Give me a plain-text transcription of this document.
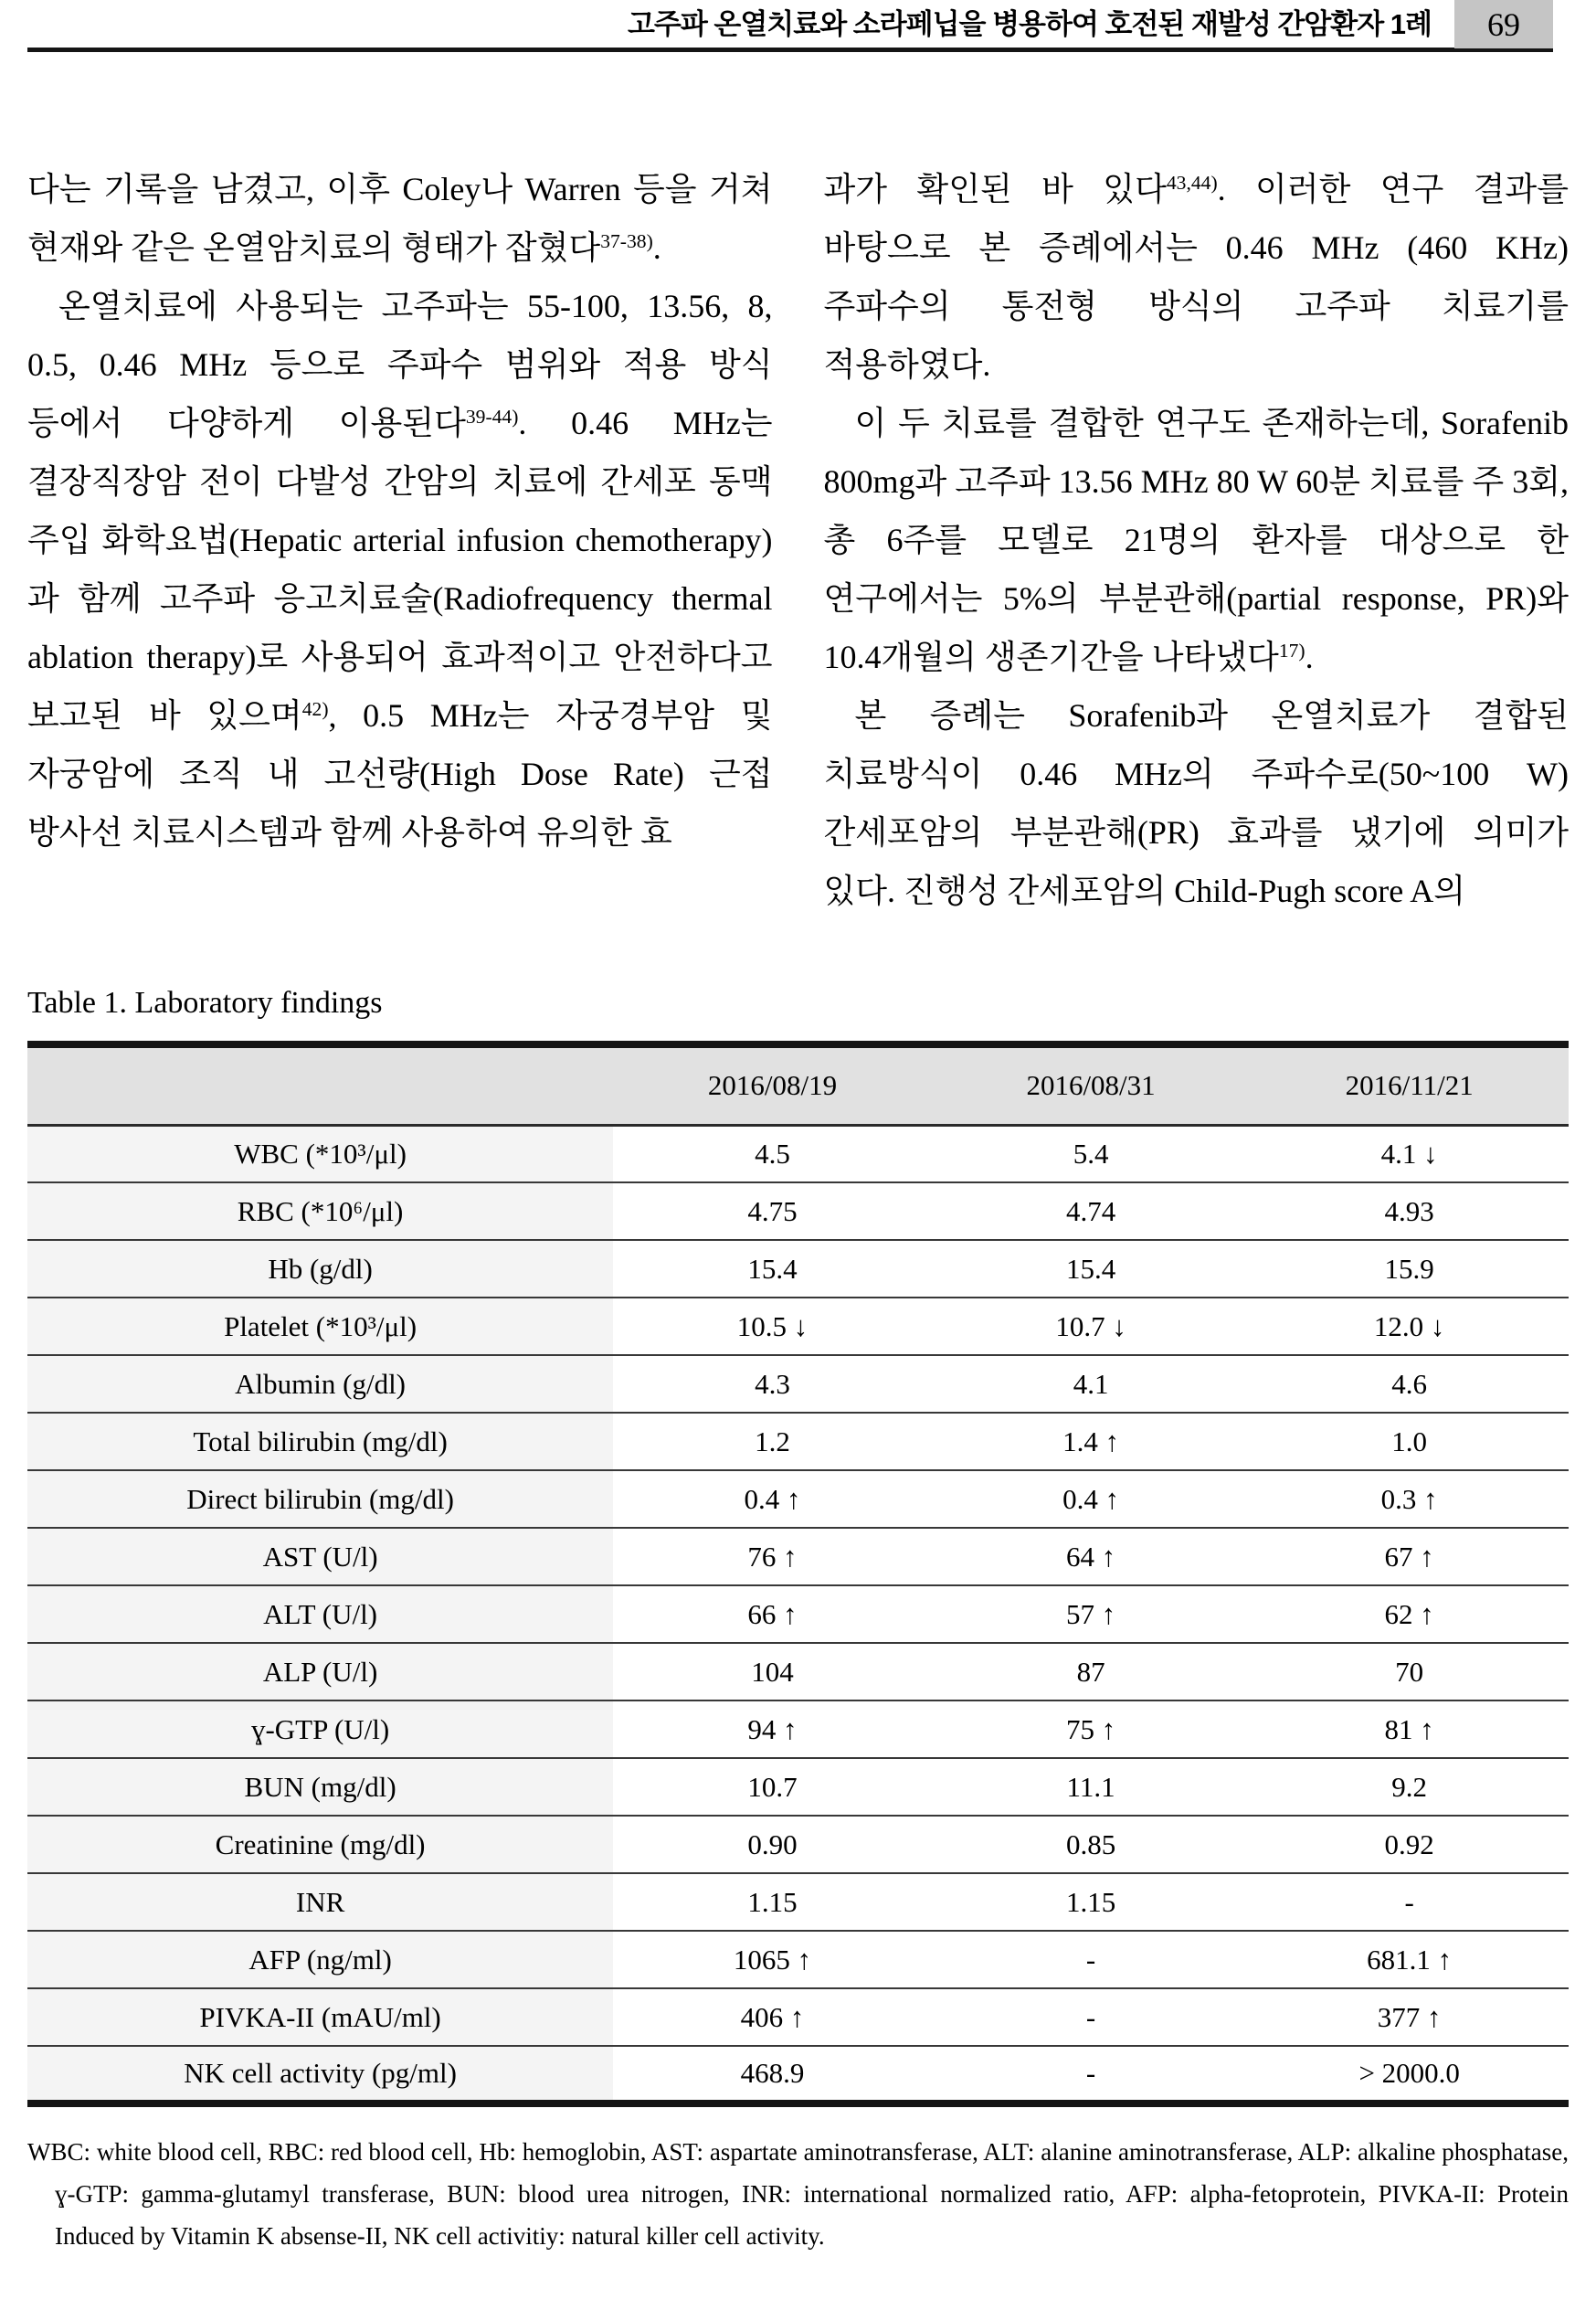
고주파 온열치료와 소라페닙을 병용하여 호전된 재발성 간암환자 1례 69

다는 기록을 남겼고, 이후 Coley나 Warren 등을 거쳐 현재와 같은 온열암치료의 형태가 잡혔다$^{37-38)}$.

온열치료에 사용되는 고주파는 55-100, 13.56, 8, 0.5, 0.46 MHz 등으로 주파수 범위와 적용 방식 등에서 다양하게 이용된다$^{39-44)}$. 0.46 MHz는 결장직장암 전이 다발성 간암의 치료에 간세포 동맥 주입 화학요법(Hepatic arterial infusion chemotherapy)과 함께 고주파 응고치료술(Radiofrequency thermal ablation therapy)로 사용되어 효과적이고 안전하다고 보고된 바 있으며$^{42)}$, 0.5 MHz는 자궁경부암 및 자궁암에 조직 내 고선량(High Dose Rate) 근접 방사선 치료시스템과 함께 사용하여 유의한 효

과가 확인된 바 있다$^{43,44)}$. 이러한 연구 결과를 바탕으로 본 증례에서는 0.46 MHz (460 KHz) 주파수의 통전형 방식의 고주파 치료기를 적용하였다.

이 두 치료를 결합한 연구도 존재하는데, Sorafenib 800mg과 고주파 13.56 MHz 80 W 60분 치료를 주 3회, 총 6주를 모델로 21명의 환자를 대상으로 한 연구에서는 5%의 부분관해(partial response, PR)와 10.4개월의 생존기간을 나타냈다$^{17)}$.

본 증례는 Sorafenib과 온열치료가 결합된 치료방식이 0.46 MHz의 주파수로(50~100 W) 간세포암의 부분관해(PR) 효과를 냈기에 의미가 있다. 진행성 간세포암의 Child-Pugh score A의

Table 1. Laboratory findings
	2016/08/19	2016/08/31	2016/11/21
WBC (*10³/μl)	4.5	5.4	4.1 ↓
RBC (*10⁶/μl)	4.75	4.74	4.93
Hb (g/dl)	15.4	15.4	15.9
Platelet (*10³/μl)	10.5 ↓	10.7 ↓	12.0 ↓
Albumin (g/dl)	4.3	4.1	4.6
Total bilirubin (mg/dl)	1.2	1.4 ↑	1.0
Direct bilirubin (mg/dl)	0.4 ↑	0.4 ↑	0.3 ↑
AST (U/l)	76 ↑	64 ↑	67 ↑
ALT (U/l)	66 ↑	57 ↑	62 ↑
ALP (U/l)	104	87	70
ɣ-GTP (U/l)	94 ↑	75 ↑	81 ↑
BUN (mg/dl)	10.7	11.1	9.2
Creatinine (mg/dl)	0.90	0.85	0.92
INR	1.15	1.15	-
AFP (ng/ml)	1065 ↑	-	681.1 ↑
PIVKA-II (mAU/ml)	406 ↑	-	377 ↑
NK cell activity (pg/ml)	468.9	-	> 2000.0
WBC: white blood cell, RBC: red blood cell, Hb: hemoglobin, AST: aspartate aminotransferase, ALT: alanine aminotransferase, ALP: alkaline phosphatase, ɣ-GTP: gamma-glutamyl transferase, BUN: blood urea nitrogen, INR: international normalized ratio, AFP: alpha-fetoprotein, PIVKA-II: Protein Induced by Vitamin K absense-II, NK cell activitiy: natural killer cell activity.
